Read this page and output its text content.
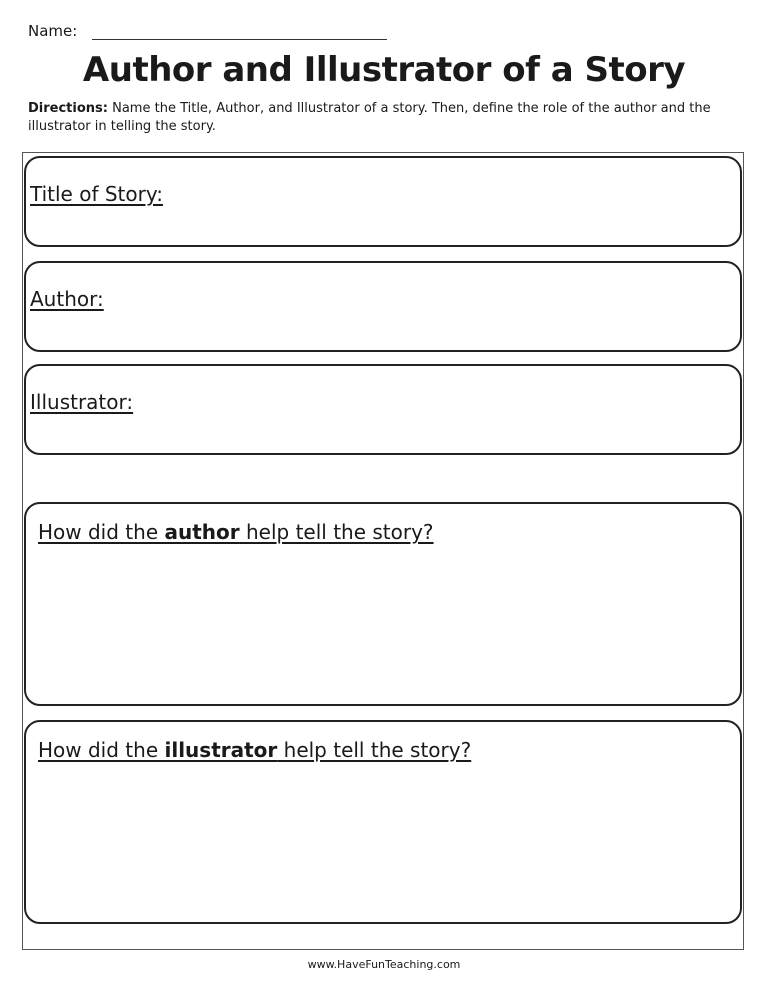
Name:
Author and Illustrator of a Story
Directions: Name the Title, Author, and Illustrator of a story. Then, define the role of the author and the illustrator in telling the story.
Title of Story:
Author:
Illustrator:
How did the author help tell the story?
How did the illustrator help tell the story?
www.HaveFunTeaching.com
